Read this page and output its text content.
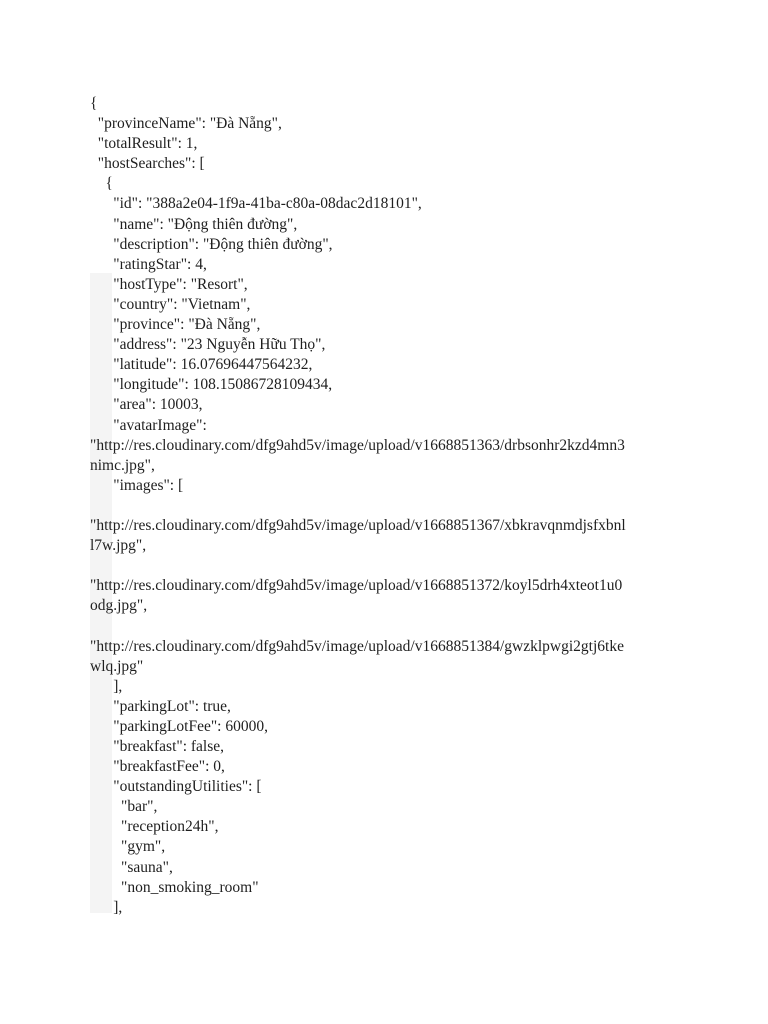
{
"provinceName": "Đà Nẵng",
"totalResult": 1,
"hostSearches": [
{
"id": "388a2e04-1f9a-41ba-c80a-08dac2d18101",
"name": "Động thiên đường",
"description": "Động thiên đường",
"ratingStar": 4,
"hostType": "Resort",
"country": "Vietnam",
"province": "Đà Nẵng",
"address": "23 Nguyễn Hữu Thọ",
"latitude": 16.07696447564232,
"longitude": 108.15086728109434,
"area": 10003,
"avatarImage":
"http://res.cloudinary.com/dfg9ahd5v/image/upload/v1668851363/drbsonhr2kzd4mn3
nimc.jpg",
"images": [
"http://res.cloudinary.com/dfg9ahd5v/image/upload/v1668851367/xbkravqnmdjsfxbnl
l7w.jpg",
"http://res.cloudinary.com/dfg9ahd5v/image/upload/v1668851372/koyl5drh4xteot1u0
odg.jpg",
"http://res.cloudinary.com/dfg9ahd5v/image/upload/v1668851384/gwzklpwgi2gtj6tke
wlq.jpg"
],
"parkingLot": true,
"parkingLotFee": 60000,
"breakfast": false,
"breakfastFee": 0,
"outstandingUtilities": [
"bar",
"reception24h",
"gym",
"sauna",
"non_smoking_room"
],
